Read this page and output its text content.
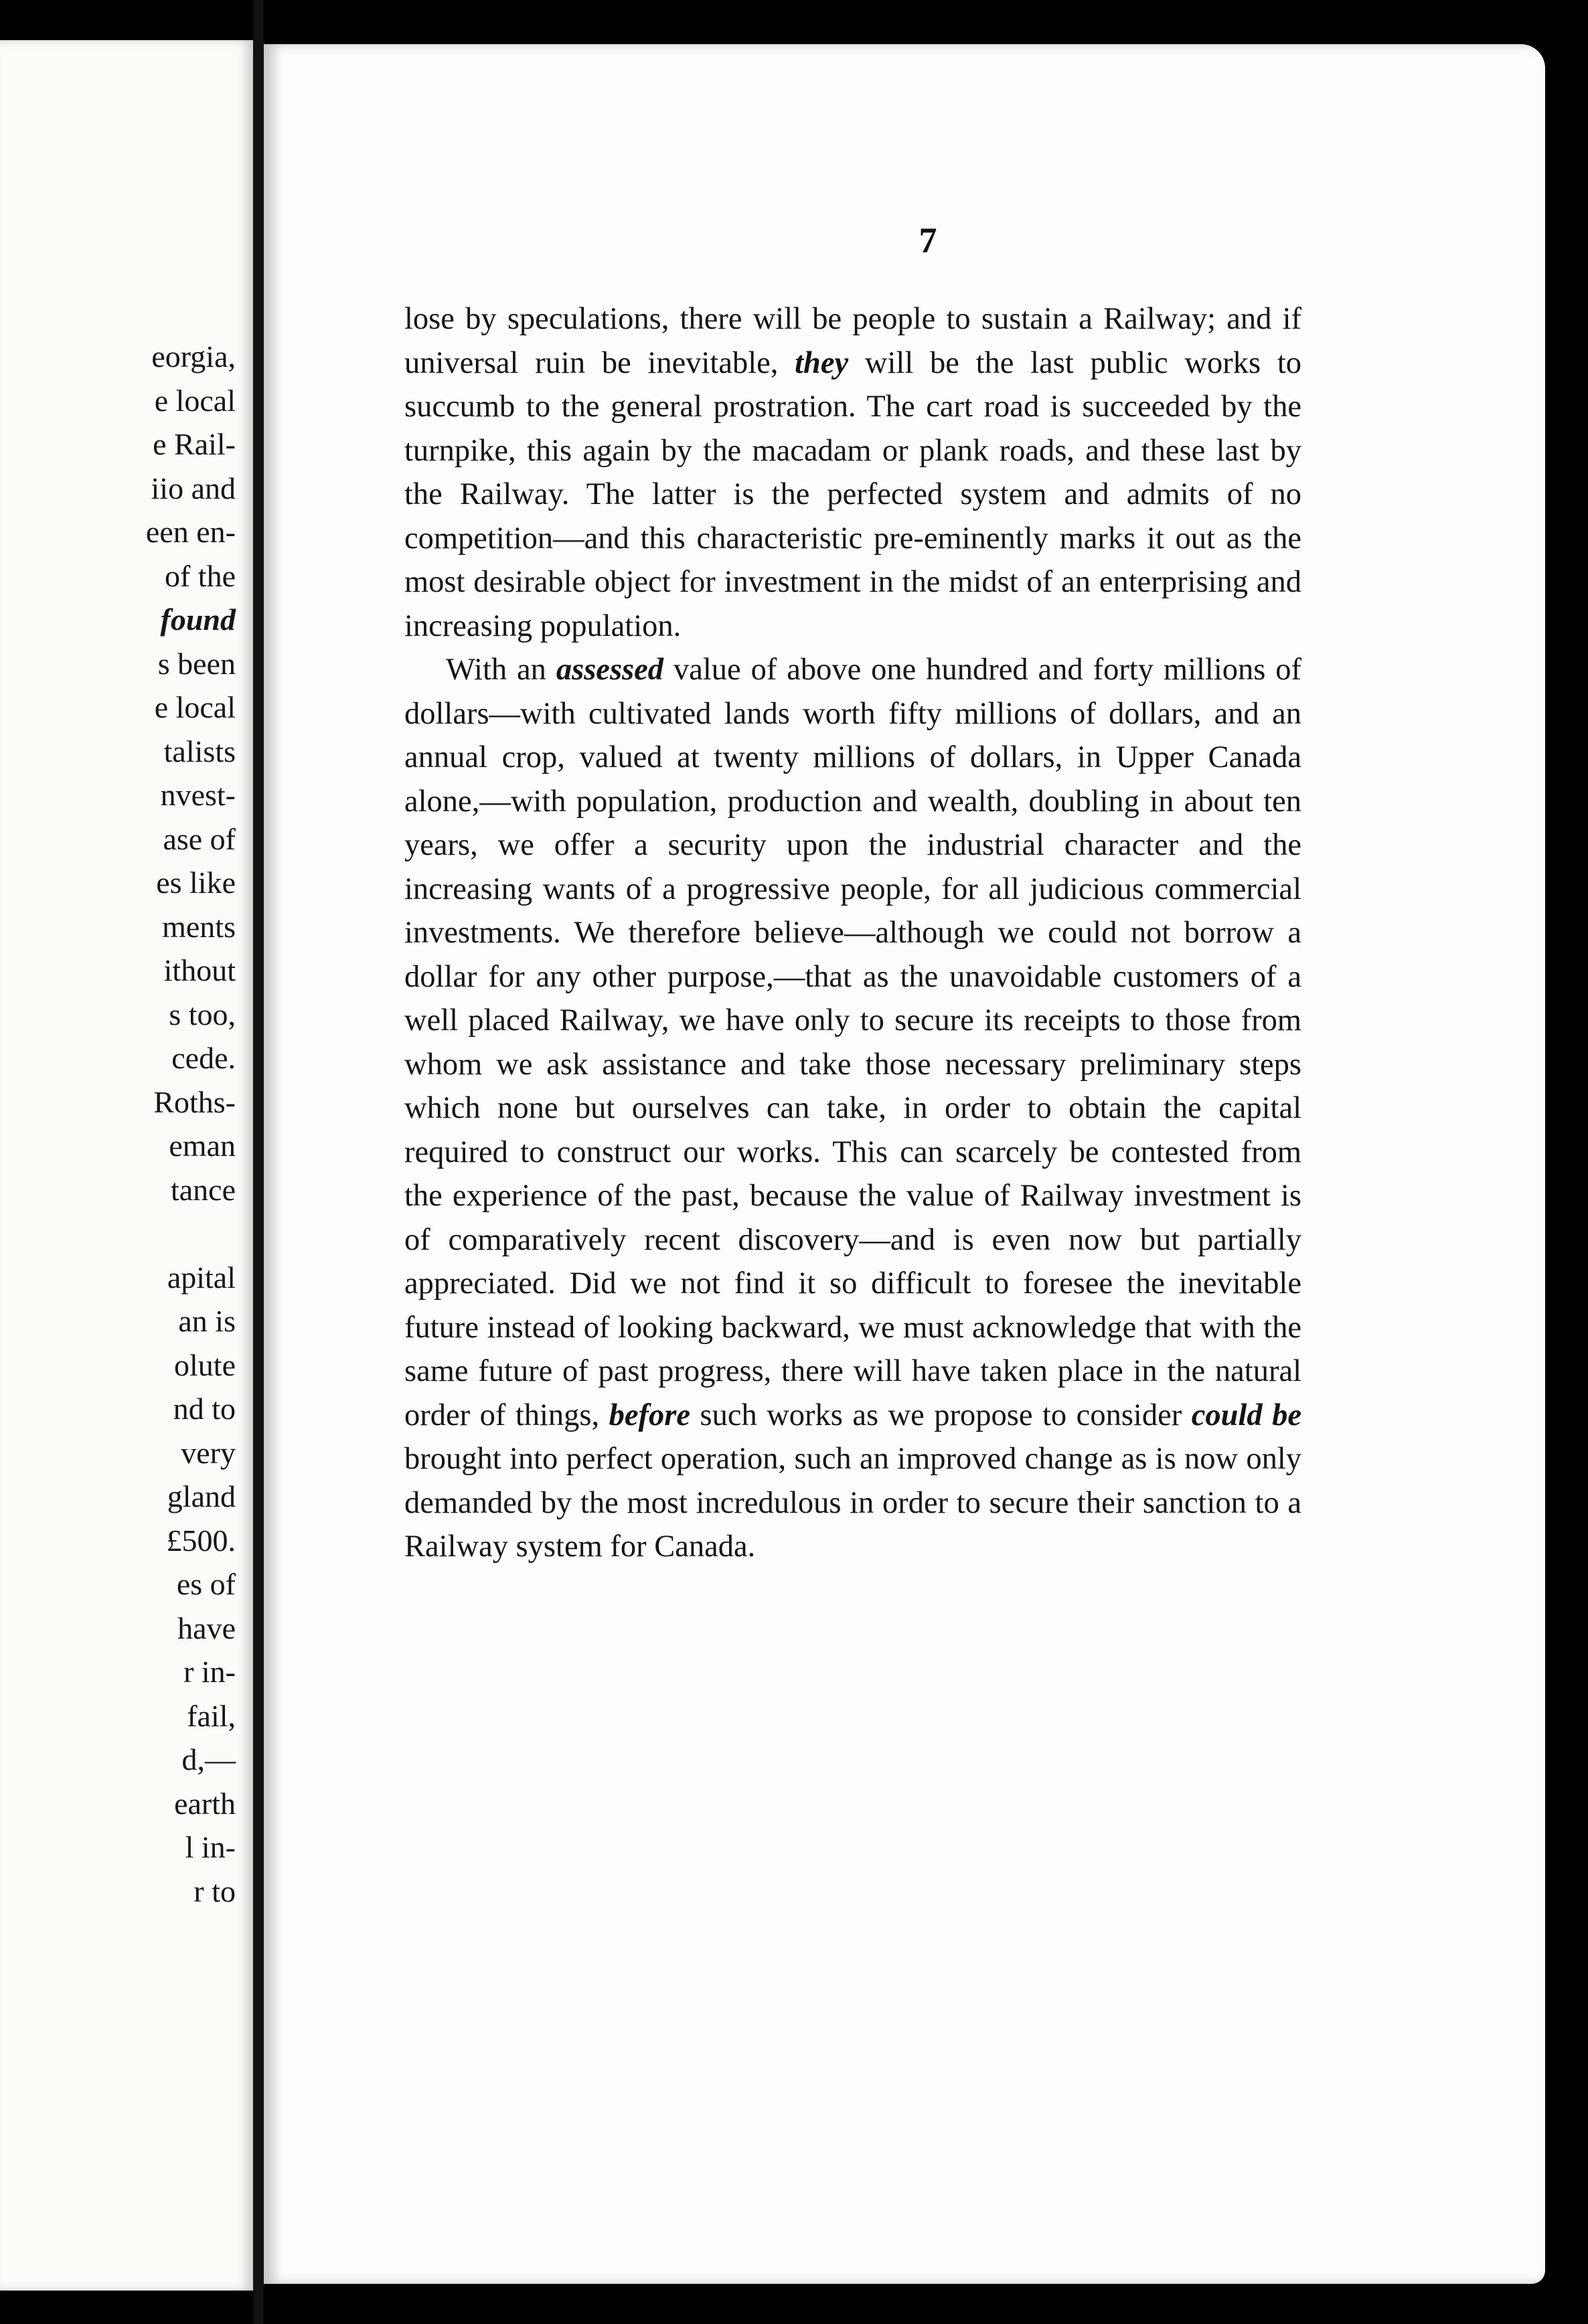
eorgia,
e local
e Rail-
iio and
een en-
of the
found
s been
e local
talists
nvest-
ase of
es like
ments
ithout
s too,
cede.
Roths-
eman
tance
apital
an is
olute
nd to
very
gland
£500.
es of
have
r in-
fail,
d,—
earth
l in-
r to
7

lose by speculations, there will be people to sustain a Railway; and if universal ruin be inevitable, they will be the last public works to succumb to the general prostration. The cart road is succeeded by the turnpike, this again by the macadam or plank roads, and these last by the Railway. The latter is the perfected system and admits of no competition—and this characteristic pre-eminently marks it out as the most desirable object for investment in the midst of an enterprising and increasing population.

With an assessed value of above one hundred and forty millions of dollars—with cultivated lands worth fifty millions of dollars, and an annual crop, valued at twenty millions of dollars, in Upper Canada alone,—with population, production and wealth, doubling in about ten years, we offer a security upon the industrial character and the increasing wants of a progressive people, for all judicious commercial investments. We therefore believe—although we could not borrow a dollar for any other purpose,—that as the unavoidable customers of a well placed Railway, we have only to secure its receipts to those from whom we ask assistance and take those necessary preliminary steps which none but ourselves can take, in order to obtain the capital required to construct our works. This can scarcely be contested from the experience of the past, because the value of Railway investment is of comparatively recent discovery—and is even now but partially appreciated. Did we not find it so difficult to foresee the inevitable future instead of looking backward, we must acknowledge that with the same future of past progress, there will have taken place in the natural order of things, before such works as we propose to consider could be brought into perfect operation, such an improved change as is now only demanded by the most incredulous in order to secure their sanction to a Railway system for Canada.
